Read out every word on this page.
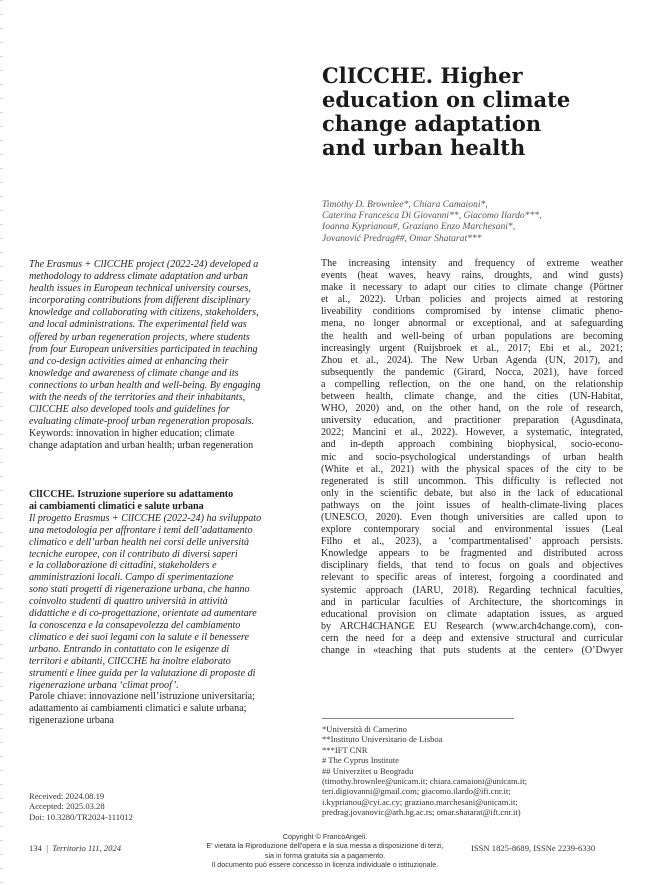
ClICCHE. Higher
education on climate
change adaptation
and urban health
Timothy D. Brownlee*, Chiara Camaioni*,
Caterina Francesca Di Giovanni**, Giacomo Ilardo***,
Ioanna Kyprianou#, Graziano Enzo Marchesani*,
Jovanović Predrag##, Omar Shatarat***
The Erasmus + ClICCHE project (2022-24) developed a
methodology to address climate adaptation and urban
health issues in European technical university courses,
incorporating contributions from different disciplinary
knowledge and collaborating with citizens, stakeholders,
and local administrations. The experimental field was
offered by urban regeneration projects, where students
from four European universities participated in teaching
and co-design activities aimed at enhancing their
knowledge and awareness of climate change and its
connections to urban health and well-being. By engaging
with the needs of the territories and their inhabitants,
ClICCHE also developed tools and guidelines for
evaluating climate-proof urban regeneration proposals.
Keywords: innovation in higher education; climate
change adaptation and urban health; urban regeneration
ClICCHE. Istruzione superiore su adattamento
ai cambiamenti climatici e salute urbana
Il progetto Erasmus + ClICCHE (2022-24) ha sviluppato
una metodologia per affrontare i temi dell’adattamento
climatico e dell’urban health nei corsi delle università
tecniche europee, con il contributo di diversi saperi
e la collaborazione di cittadini, stakeholders e
amministrazioni locali. Campo di sperimentazione
sono stati progetti di rigenerazione urbana, che hanno
coinvolto studenti di quattro università in attività
didattiche e di co-progettazione, orientate ad aumentare
la conoscenza e la consapevolezza del cambiamento
climatico e dei suoi legami con la salute e il benessere
urbano. Entrando in contattato con le esigenze di
territori e abitanti, ClICCHE ha inoltre elaborato
strumenti e linee guida per la valutazione di proposte di
rigenerazione urbana ‘climat proof’.
Parole chiave: innovazione nell’istruzione universitaria;
adattamento ai cambiamenti climatici e salute urbana;
rigenerazione urbana
The increasing intensity and frequency of extreme weather
events (heat waves, heavy rains, droughts, and wind gusts)
make it necessary to adapt our cities to climate change (Pörtner
et al., 2022). Urban policies and projects aimed at restoring
liveability conditions compromised by intense climatic pheno-
mena, no longer abnormal or exceptional, and at safeguarding
the health and well-being of urban populations are becoming
increasingly urgent (Ruijsbroek et al., 2017; Ebi et al., 2021;
Zhou et al., 2024). The New Urban Agenda (UN, 2017), and
subsequently the pandemic (Girard, Nocca, 2021), have forced
a compelling reflection, on the one hand, on the relationship
between health, climate change, and the cities (UN-Habitat,
WHO, 2020) and, on the other hand, on the role of research,
university education, and practitioner preparation (Agusdinata,
2022; Mancini et al., 2022). However, a systematic, integrated,
and in-depth approach combining biophysical, socio-econo-
mic and socio-psychological understandings of urban health
(White et al., 2021) with the physical spaces of the city to be
regenerated is still uncommon. This difficulty is reflected not
only in the scientific debate, but also in the lack of educational
pathways on the joint issues of health-climate-living places
(UNESCO, 2020). Even though universities are called upon to
explore contemporary social and environmental issues (Leal
Filho et al., 2023), a ‘compartmentalised’ approach persists.
Knowledge appears to be fragmented and distributed across
disciplinary fields, that tend to focus on goals and objectives
relevant to specific areas of interest, forgoing a coordinated and
systemic approach (IARU, 2018). Regarding technical faculties,
and in particular faculties of Architecture, the shortcomings in
educational provision on climate adaptation issues, as argued
by ARCH4CHANGE EU Research (www.arch4change.com), con-
cern the need for a deep and extensive structural and curricular
change in «teaching that puts students at the center» (O’Dwyer
*Università di Camerino
**Instituto Universitario de Lisboa
***IFT CNR
# The Cyprus Institute
## Univerzitet u Beogradu
(timothy.brownlee@unicam.it; chiara.camaioni@unicam.it;
teri.digiovanni@gmail.com; giacomo.ilardo@ift.cnr.it;
i.kyprianou@cyi.ac.cy; graziano.marchesani@unicam.it;
predrag.jovanovic@arh.bg.ac.rs; omar.shatarat@ift.cnr.it)
Received: 2024.08.19
Accepted: 2025.03.28
Doi: 10.3280/TR2024-111012
134 | Territorio 111, 2024
Copyright © FrancoAngeli.
E' vietata la Riproduzione dell'opera e la sua messa a disposizione di terzi,
sia in forma gratuita sia a pagamento.
Il documento può essere concesso in licenza individuale o istituzionale.
ISSN 1825-8689, ISSNe 2239-6330
